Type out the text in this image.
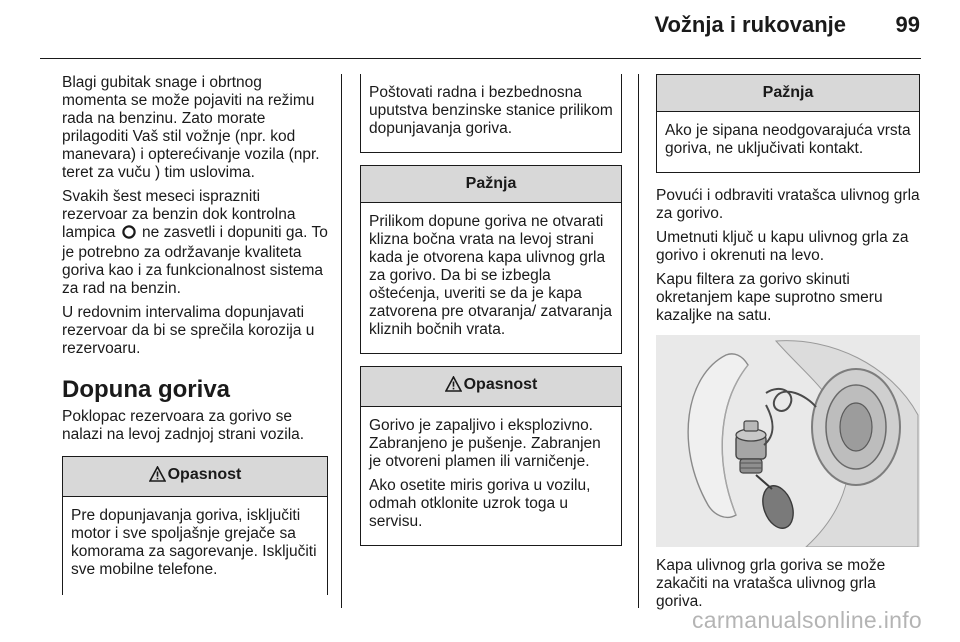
Vožnja i rukovanje	99

Blagi gubitak snage i obrtnog momenta se može pojaviti na režimu rada na benzinu. Zato morate prilagoditi Vaš stil vožnje (npr. kod manevara) i opterećivanje vozila (npr. teret za vuču ) tim uslovima.

Svakih šest meseci isprazniti rezervoar za benzin dok kontrolna lampica  ne zasvetli i dopuniti ga. To je potrebno za održavanje kvaliteta goriva kao i za funkcionalnost sistema za rad na benzin.

U redovnim intervalima dopunjavati rezervoar da bi se sprečila korozija u rezervoaru.

Dopuna goriva

Poklopac rezervoara za gorivo se nalazi na levoj zadnjoj strani vozila.

Opasnost

Pre dopunjavanja goriva, isključiti motor i sve spoljašnje grejače sa komorama za sagorevanje. Isključiti sve mobilne telefone.

Poštovati radna i bezbednosna uputstva benzinske stanice prilikom dopunjavanja goriva.

Pažnja

Prilikom dopune goriva ne otvarati klizna bočna vrata na levoj strani kada je otvorena kapa ulivnog grla za gorivo. Da bi se izbegla oštećenja, uveriti se da je kapa zatvorena pre otvaranja/ zatvaranja kliznih bočnih vrata.

Opasnost

Gorivo je zapaljivo i eksplozivno. Zabranjeno je pušenje. Zabranjen je otvoreni plamen ili varničenje.

Ako osetite miris goriva u vozilu, odmah otklonite uzrok toga u servisu.

Pažnja

Ako je sipana neodgovarajuća vrsta goriva, ne uključivati kontakt.

Povući i odbraviti vratašca ulivnog grla za gorivo.

Umetnuti ključ u kapu ulivnog grla za gorivo i okrenuti na levo.

Kapu filtera za gorivo skinuti okretanjem kape suprotno smeru kazaljke na satu.

Kapa ulivnog grla goriva se može zakačiti na vratašca ulivnog grla goriva.

carmanualsonline.info
